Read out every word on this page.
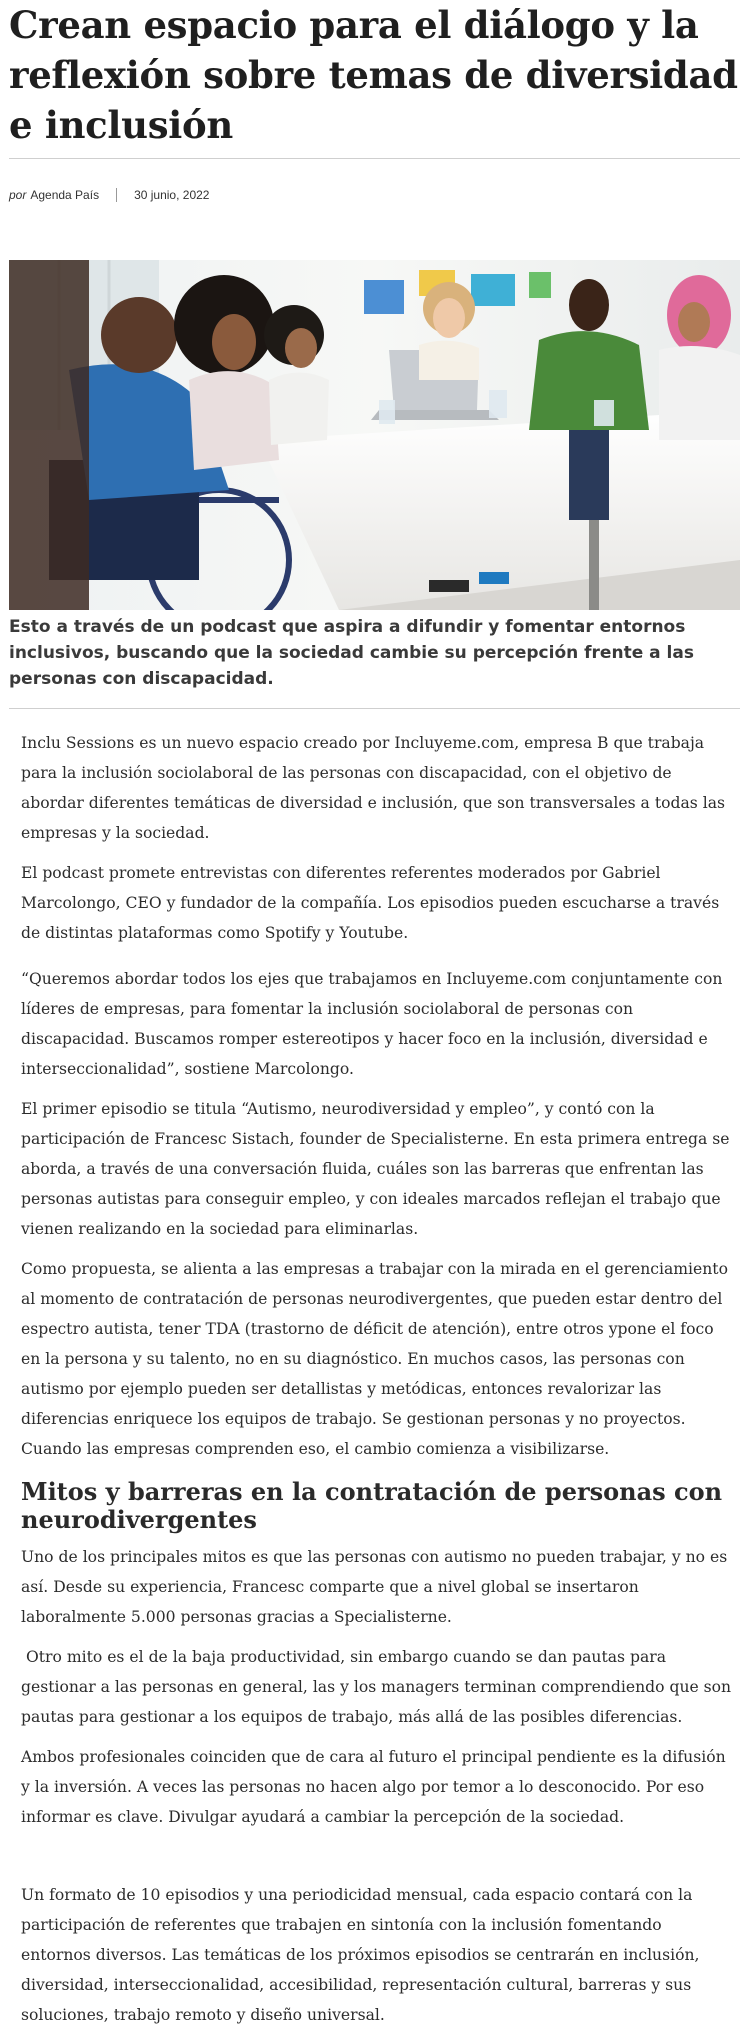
Crean espacio para el diálogo y la reflexión sobre temas de diversidad e inclusión
por Agenda País	30 junio, 2022

Esto a través de un podcast que aspira a difundir y fomentar entornos inclusivos, buscando que la sociedad cambie su percepción frente a las personas con discapacidad.

Inclu Sessions es un nuevo espacio creado por Incluyeme.com, empresa B que trabaja para la inclusión sociolaboral de las personas con discapacidad, con el objetivo de abordar diferentes temáticas de diversidad e inclusión, que son transversales a todas las empresas y la sociedad.

El podcast promete entrevistas con diferentes referentes moderados por Gabriel Marcolongo, CEO y fundador de la compañía. Los episodios pueden escucharse a través de distintas plataformas como Spotify y Youtube.

“Queremos abordar todos los ejes que trabajamos en Incluyeme.com conjuntamente con líderes de empresas, para fomentar la inclusión sociolaboral de personas con discapacidad. Buscamos romper estereotipos y hacer foco en la inclusión, diversidad e interseccionalidad”, sostiene Marcolongo.

El primer episodio se titula “Autismo, neurodiversidad y empleo”, y contó con la participación de Francesc Sistach, founder de Specialisterne. En esta primera entrega se aborda, a través de una conversación fluida, cuáles son las barreras que enfrentan las personas autistas para conseguir empleo, y con ideales marcados reflejan el trabajo que vienen realizando en la sociedad para eliminarlas.

Como propuesta, se alienta a las empresas a trabajar con la mirada en el gerenciamiento al momento de contratación de personas neurodivergentes, que pueden estar dentro del espectro autista, tener TDA (trastorno de déficit de atención), entre otros ypone el foco en la persona y su talento, no en su diagnóstico. En muchos casos, las personas con autismo por ejemplo pueden ser detallistas y metódicas, entonces revalorizar las diferencias enriquece los equipos de trabajo. Se gestionan personas y no proyectos. Cuando las empresas comprenden eso, el cambio comienza a visibilizarse.

Mitos y barreras en la contratación de personas con neurodivergentes

Uno de los principales mitos es que las personas con autismo no pueden trabajar, y no es así. Desde su experiencia, Francesc comparte que a nivel global se insertaron laboralmente 5.000 personas gracias a Specialisterne.

Otro mito es el de la baja productividad, sin embargo cuando se dan pautas para gestionar a las personas en general, las y los managers terminan comprendiendo que son pautas para gestionar a los equipos de trabajo, más allá de las posibles diferencias.

Ambos profesionales coinciden que de cara al futuro el principal pendiente es la difusión y la inversión. A veces las personas no hacen algo por temor a lo desconocido. Por eso informar es clave. Divulgar ayudará a cambiar la percepción de la sociedad.

Un formato de 10 episodios y una periodicidad mensual, cada espacio contará con la participación de referentes que trabajen en sintonía con la inclusión fomentando entornos diversos. Las temáticas de los próximos episodios se centrarán en inclusión, diversidad, interseccionalidad, accesibilidad, representación cultural, barreras y sus soluciones, trabajo remoto y diseño universal.
